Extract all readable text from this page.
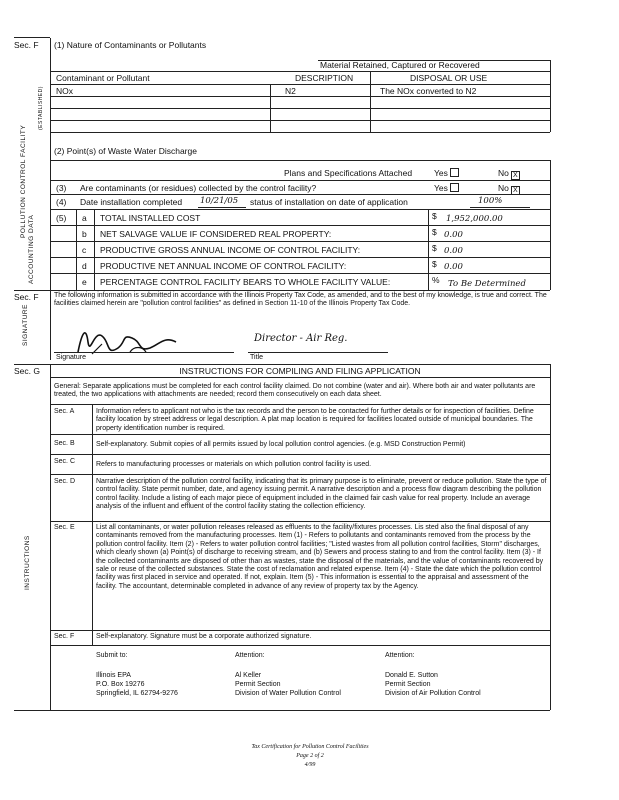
Sec. F
POLLUTION CONTROL FACILITY
(ESTABLISHED)
ACCOUNTING DATA
(1) Nature of Contaminants or Pollutants
Material Retained, Captured or Recovered
Contaminant or Pollutant	DESCRIPTION	DISPOSAL OR USE
NOx	N2	The NOx converted to N2
(2) Point(s) of Waste Water Discharge
Plans and Specifications Attached	Yes	No X
(3) Are contaminants (or residues) collected by the control facility?	Yes	No X
(4) Date installation completed 10/21/05 status of installation on date of application	100%
(5) a TOTAL INSTALLED COST	$ 1,952,000.00
b NET SALVAGE VALUE IF CONSIDERED REAL PROPERTY:	$ 0.00
c PRODUCTIVE GROSS ANNUAL INCOME OF CONTROL FACILITY:	$ 0.00
d PRODUCTIVE NET ANNUAL INCOME OF CONTROL FACILITY:	$ 0.00
e PERCENTAGE CONTROL FACILITY BEARS TO WHOLE FACILITY VALUE:	% To Be Determined
Sec. F
SIGNATURE
The following information is submitted in accordance with the Illinois Property Tax Code, as amended, and to the best of my knowledge, is true and correct. The facilities claimed herein are "pollution control facilities" as defined in Section 11-10 of the Illinois Property Tax Code.
Director - Air Reg.
Signature	Title
Sec. G
INSTRUCTIONS
INSTRUCTIONS FOR COMPILING AND FILING APPLICATION
General: Separate applications must be completed for each control facility claimed. Do not combine (water and air). Where both air and water pollutants are treated, the two applications with attachments are needed; record them consecutively on each data sheet.
Sec. A	Information refers to applicant not who is the tax records and the person to be contacted for further details or for inspection of facilities. Define facility location by street address or legal description. A plat map location is required for facilities located outside of municipal boundaries. The property identification number is required.
Sec. B	Self-explanatory. Submit copies of all permits issued by local pollution control agencies. (e.g. MSD Construction Permit)
Sec. C	Refers to manufacturing processes or materials on which pollution control facility is used.
Sec. D	Narrative description of the pollution control facility, indicating that its primary purpose is to eliminate, prevent or reduce pollution. State the type of control facility. State permit number, date, and agency issuing permit. A narrative description and a process flow diagram describing the pollution control facility. Include a listing of each major piece of equipment included in the claimed fair cash value for real property. Include an average analysis of the influent and effluent of the control facility stating the collection efficiency.
Sec. E	List all contaminants, or water pollution releases released as effluents to the facility/fixtures processes. Lis sted also the final disposal of any contaminants removed from the manufacturing processes. Item (1) - Refers to pollutants and contaminants removed from the process by the pollution control facility. Item (2) - Refers to water pollution control facilities; "Listed wastes from all pollution control facilities, Storm" discharges, which clearly shown (a) Point(s) of discharge to receiving stream, and (b) Sewers and process stating to and from the control facility. Item (3) - If the collected contaminants are disposed of other than as wastes, state the disposal of the materials, and the value of contaminants recovered by sale or reuse of the collected substances. State the cost of reclamation and related expense. Item (4) - State the date which the pollution control facility was first placed in service and operated. If not, explain. Item (5) - This information is essential to the appraisal and assessment of the facility. The accountant, determinable completed in advance of any review of property tax by the Agency.
Sec. F	Self-explanatory. Signature must be a corporate authorized signature.
Submit to:
Illinois EPA
P.O. Box 19276
Springfield, IL 62794-9276
Attention:
Al Keller
Permit Section
Division of Water Pollution Control
Attention:
Donald E. Sutton
Permit Section
Division of Air Pollution Control
Tax Certification for Pollution Control Facilities
Page 2 of 2
4/99
